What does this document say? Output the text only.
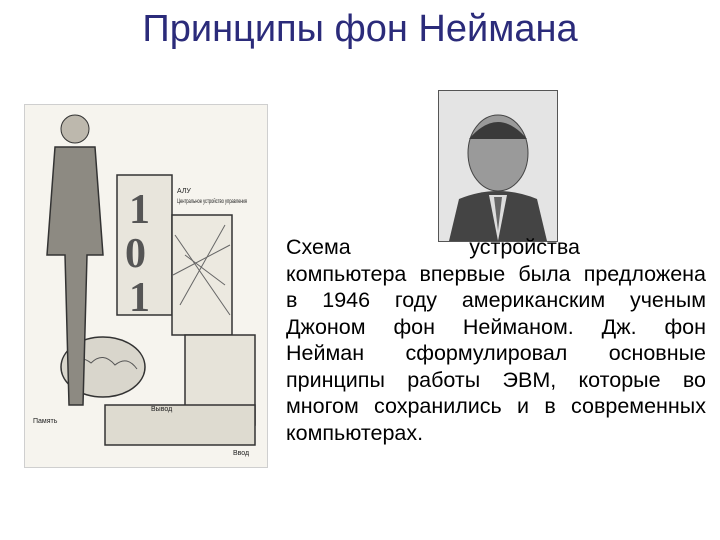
Принципы фон Неймана
1
0
1
АЛУ
Центральное устройство управления
Память
Вывод
Ввод
Схема устройства компьютера впервые была предложена в 1946 году американским ученым Джоном фон Нейманом. Дж. фон Нейман сформулировал основные принципы работы ЭВМ, которые во многом сохранились и в современных компьютерах.
